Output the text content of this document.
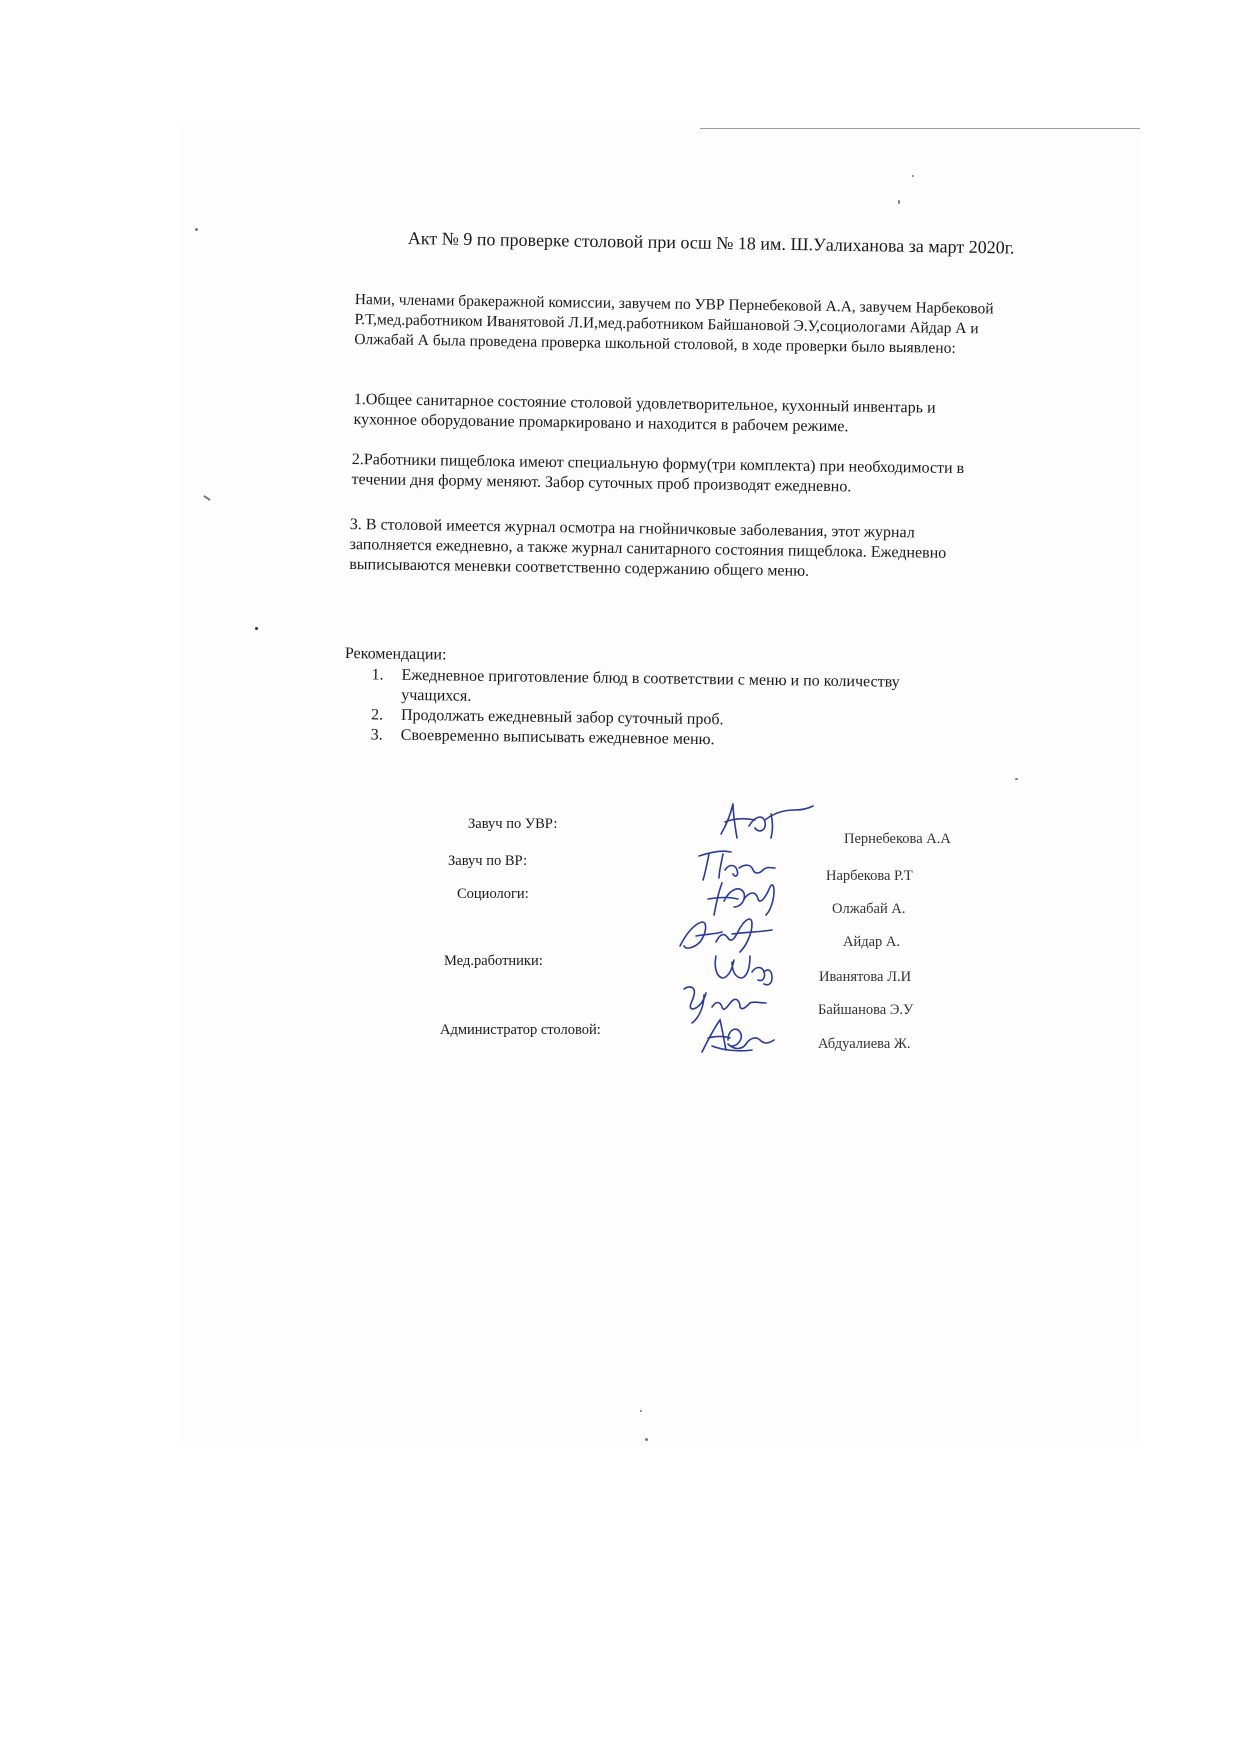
Акт № 9 по проверке столовой при осш № 18 им. Ш.Уалиханова за март 2020г.
Нами, членами бракеражной комиссии, завучем по УВР Пернебековой А.А, завучем Нарбековой
Р.Т,мед.работником Иванятовой Л.И,мед.работником Байшановой Э.У,социологами Айдар А и
Олжабай А была проведена проверка школьной столовой, в ходе проверки было выявлено:
1.Общее санитарное состояние столовой удовлетворительное, кухонный инвентарь и
кухонное оборудование промаркировано и находится в рабочем режиме.
2.Работники пищеблока имеют специальную форму(три комплекта) при необходимости в
течении дня форму меняют. Забор суточных проб производят ежедневно.
3. В столовой имеется журнал осмотра на гнойничковые заболевания, этот журнал
заполняется ежедневно, а также журнал санитарного состояния пищеблока. Ежедневно
выписываются меневки соответственно содержанию общего меню.
Рекомендации:
1. Ежедневное приготовление блюд в соответствии с меню и по количеству
учащихся.
2. Продолжать ежедневный забор суточный проб.
3. Своевременно выписывать ежедневное меню.
Завуч по УВР:
Завуч по ВР:
Социологи:
Мед.работники:
Администратор столовой:
Пернебекова А.А
Нарбекова Р.Т
Олжабай А.
Айдар А.
Иванятова Л.И
Байшанова Э.У
Абдуалиева Ж.
